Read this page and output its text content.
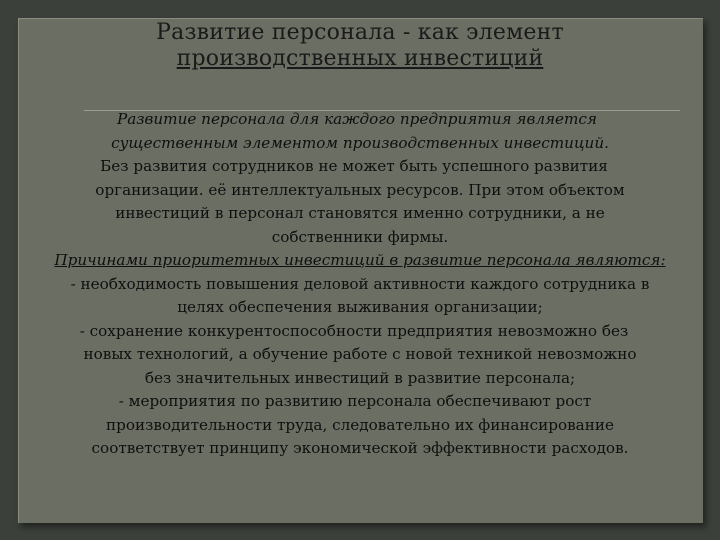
Развитие персонала - как элемент
производственных инвестиций

Развитие персонала для каждого предприятия является

существенным элементом производственных инвестиций.

Без развития сотрудников не может быть успешного развития

организации. её интеллектуальных ресурсов. При этом объектом

инвестиций в персонал становятся именно сотрудники, а не

собственники фирмы.

Причинами приоритетных инвестиций в развитие персонала являются:

- необходимость повышения деловой активности каждого сотрудника в

целях обеспечения выживания организации;

- сохранение конкурентоспособности предприятия невозможно без

новых технологий, а обучение работе с новой техникой невозможно

без значительных инвестиций в развитие персонала;

- мероприятия по развитию персонала обеспечивают рост

производительности труда, следовательно их финансирование

соответствует принципу экономической эффективности расходов.
